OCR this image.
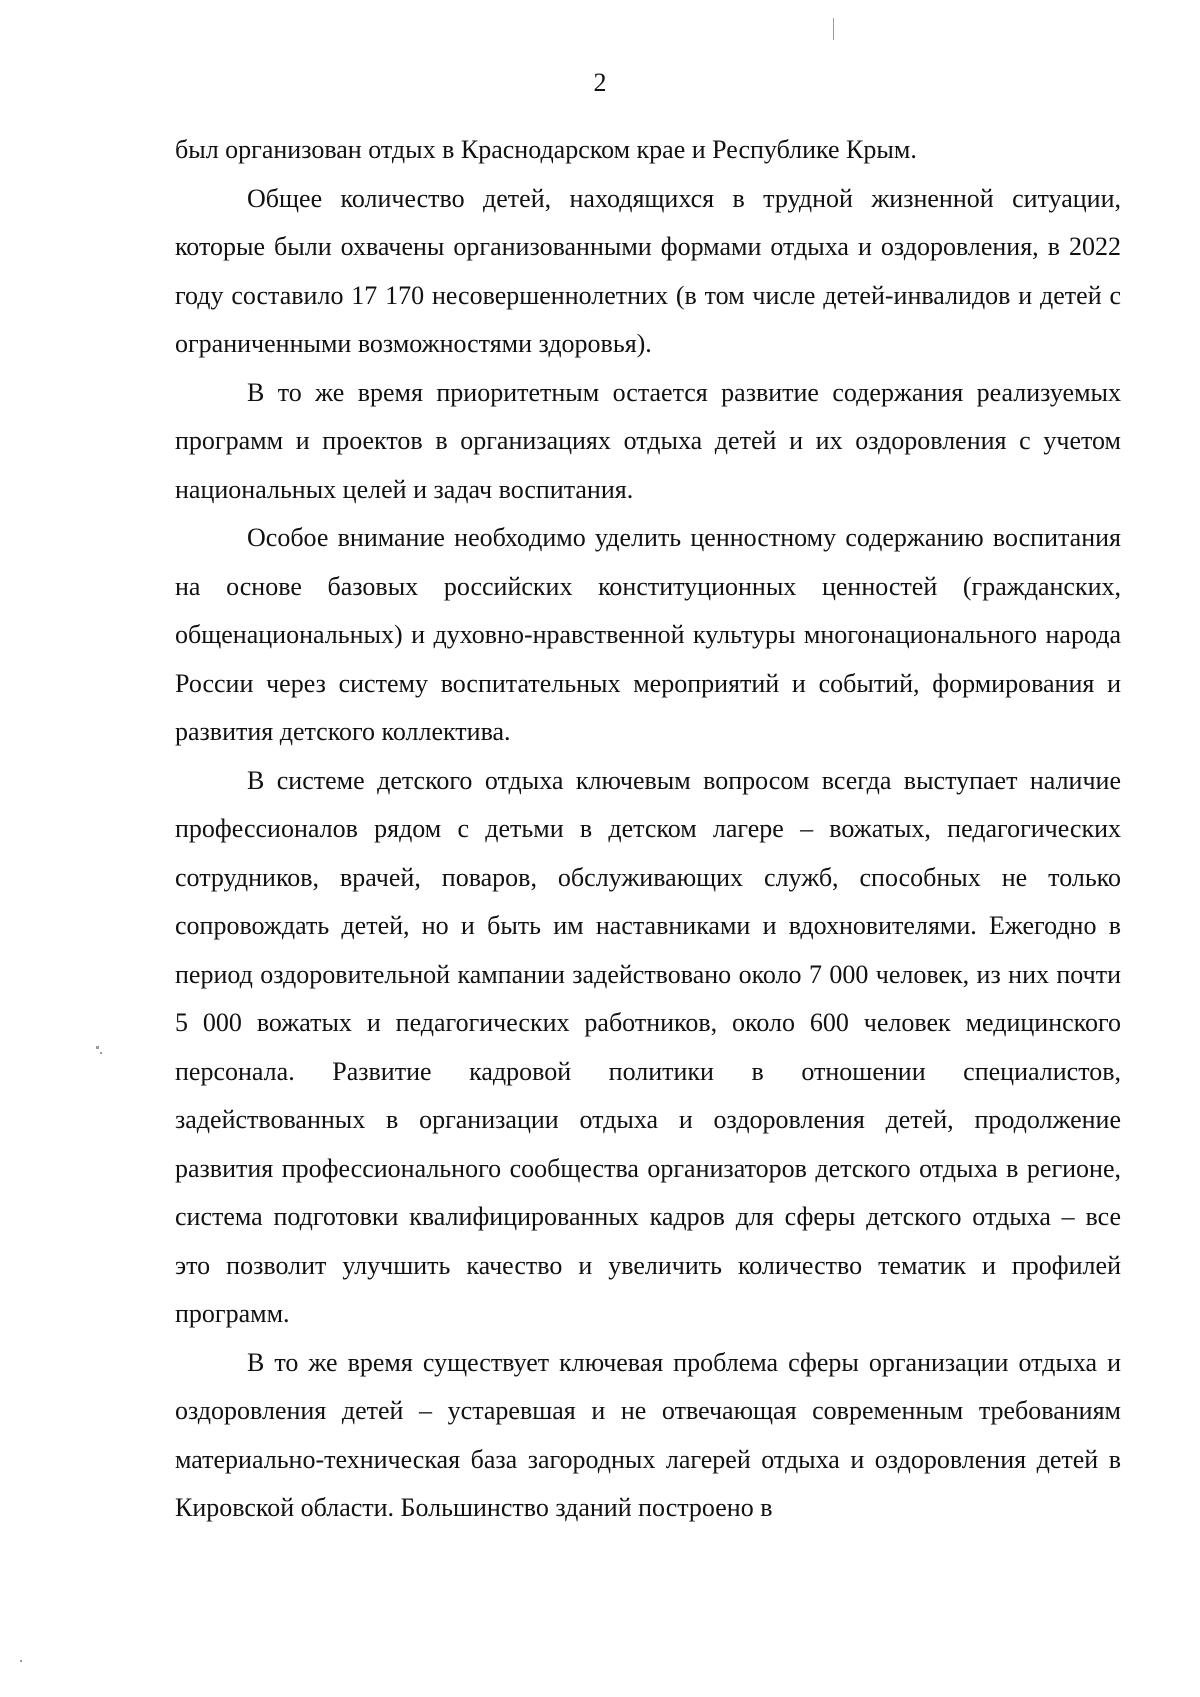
2

был организован отдых в Краснодарском крае и Республике Крым.

Общее количество детей, находящихся в трудной жизненной ситуации, которые были охвачены организованными формами отдыха и оздоровления, в 2022 году составило 17 170 несовершеннолетних (в том числе детей-инвалидов и детей с ограниченными возможностями здоровья).

В то же время приоритетным остается развитие содержания реализуемых программ и проектов в организациях отдыха детей и их оздоровления с учетом национальных целей и задач воспитания.

Особое внимание необходимо уделить ценностному содержанию воспитания на основе базовых российских конституционных ценностей (гражданских, общенациональных) и духовно-нравственной культуры многонационального народа России через систему воспитательных мероприятий и событий, формирования и развития детского коллектива.

В системе детского отдыха ключевым вопросом всегда выступает наличие профессионалов рядом с детьми в детском лагере – вожатых, педагогических сотрудников, врачей, поваров, обслуживающих служб, способных не только сопровождать детей, но и быть им наставниками и вдохновителями. Ежегодно в период оздоровительной кампании задействовано около 7 000 человек, из них почти 5 000 вожатых и педагогических работников, около 600 человек медицинского персонала. Развитие кадровой политики в отношении специалистов, задействованных в организации отдыха и оздоровления детей, продолжение развития профессионального сообщества организаторов детского отдыха в регионе, система подготовки квалифицированных кадров для сферы детского отдыха – все это позволит улучшить качество и увеличить количество тематик и профилей программ.

В то же время существует ключевая проблема сферы организации отдыха и оздоровления детей – устаревшая и не отвечающая современным требованиям материально-техническая база загородных лагерей отдыха и оздоровления детей в Кировской области. Большинство зданий построено в
